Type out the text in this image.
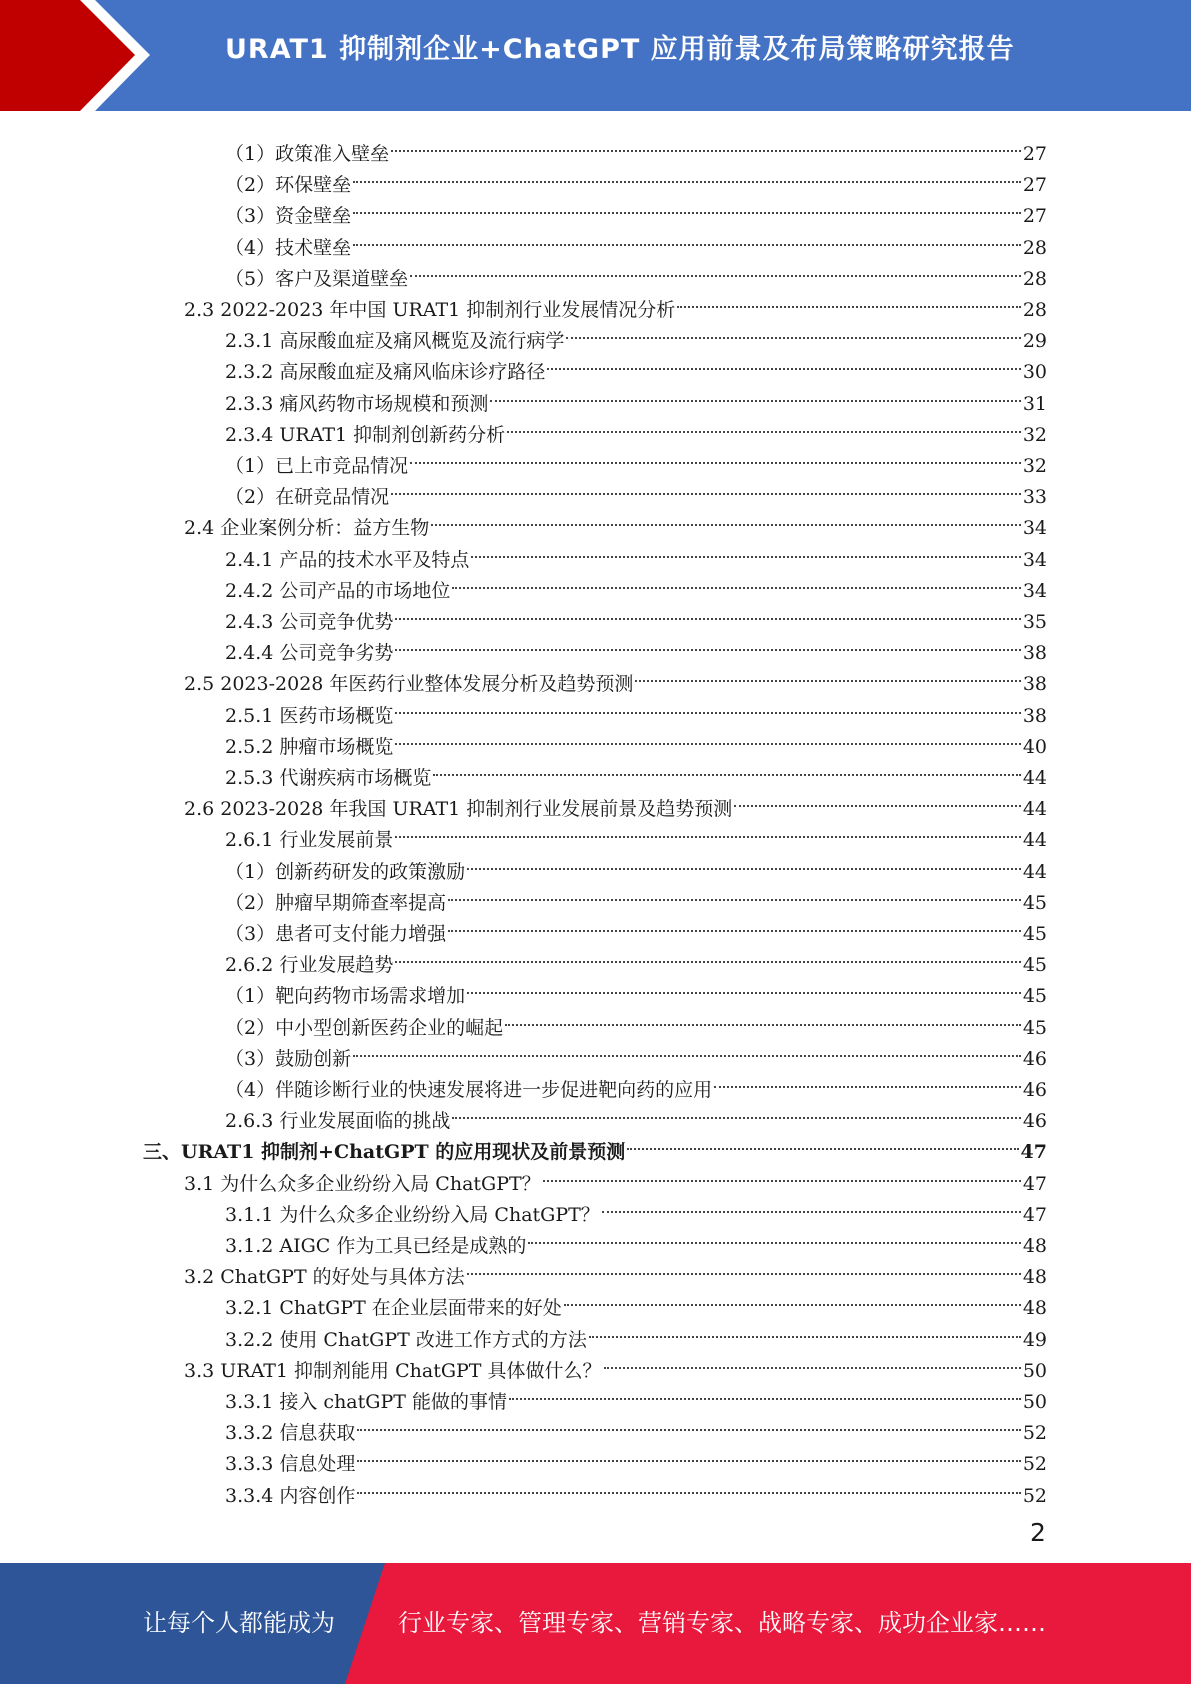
URAT1 抑制剂企业+ChatGPT 应用前景及布局策略研究报告
（1）政策准入壁垒	27
（2）环保壁垒	27
（3）资金壁垒	27
（4）技术壁垒	28
（5）客户及渠道壁垒	28
2.3 2022-2023 年中国 URAT1 抑制剂行业发展情况分析	28
2.3.1 高尿酸血症及痛风概览及流行病学	29
2.3.2 高尿酸血症及痛风临床诊疗路径	30
2.3.3 痛风药物市场规模和预测	31
2.3.4 URAT1 抑制剂创新药分析	32
（1）已上市竞品情况	32
（2）在研竞品情况	33
2.4 企业案例分析：益方生物	34
2.4.1 产品的技术水平及特点	34
2.4.2 公司产品的市场地位	34
2.4.3 公司竞争优势	35
2.4.4 公司竞争劣势	38
2.5 2023-2028 年医药行业整体发展分析及趋势预测	38
2.5.1 医药市场概览	38
2.5.2 肿瘤市场概览	40
2.5.3 代谢疾病市场概览	44
2.6 2023-2028 年我国 URAT1 抑制剂行业发展前景及趋势预测	44
2.6.1 行业发展前景	44
（1）创新药研发的政策激励	44
（2）肿瘤早期筛查率提高	45
（3）患者可支付能力增强	45
2.6.2 行业发展趋势	45
（1）靶向药物市场需求增加	45
（2）中小型创新医药企业的崛起	45
（3）鼓励创新	46
（4）伴随诊断行业的快速发展将进一步促进靶向药的应用	46
2.6.3 行业发展面临的挑战	46
三、URAT1 抑制剂+ChatGPT 的应用现状及前景预测	47
3.1 为什么众多企业纷纷入局 ChatGPT？	47
3.1.1 为什么众多企业纷纷入局 ChatGPT？	47
3.1.2 AIGC 作为工具已经是成熟的	48
3.2 ChatGPT 的好处与具体方法	48
3.2.1 ChatGPT 在企业层面带来的好处	48
3.2.2 使用 ChatGPT 改进工作方式的方法	49
3.3 URAT1 抑制剂能用 ChatGPT 具体做什么？	50
3.3.1 接入 chatGPT 能做的事情	50
3.3.2 信息获取	52
3.3.3 信息处理	52
3.3.4 内容创作	52
2
让每个人都能成为	行业专家、管理专家、营销专家、战略专家、成功企业家……
